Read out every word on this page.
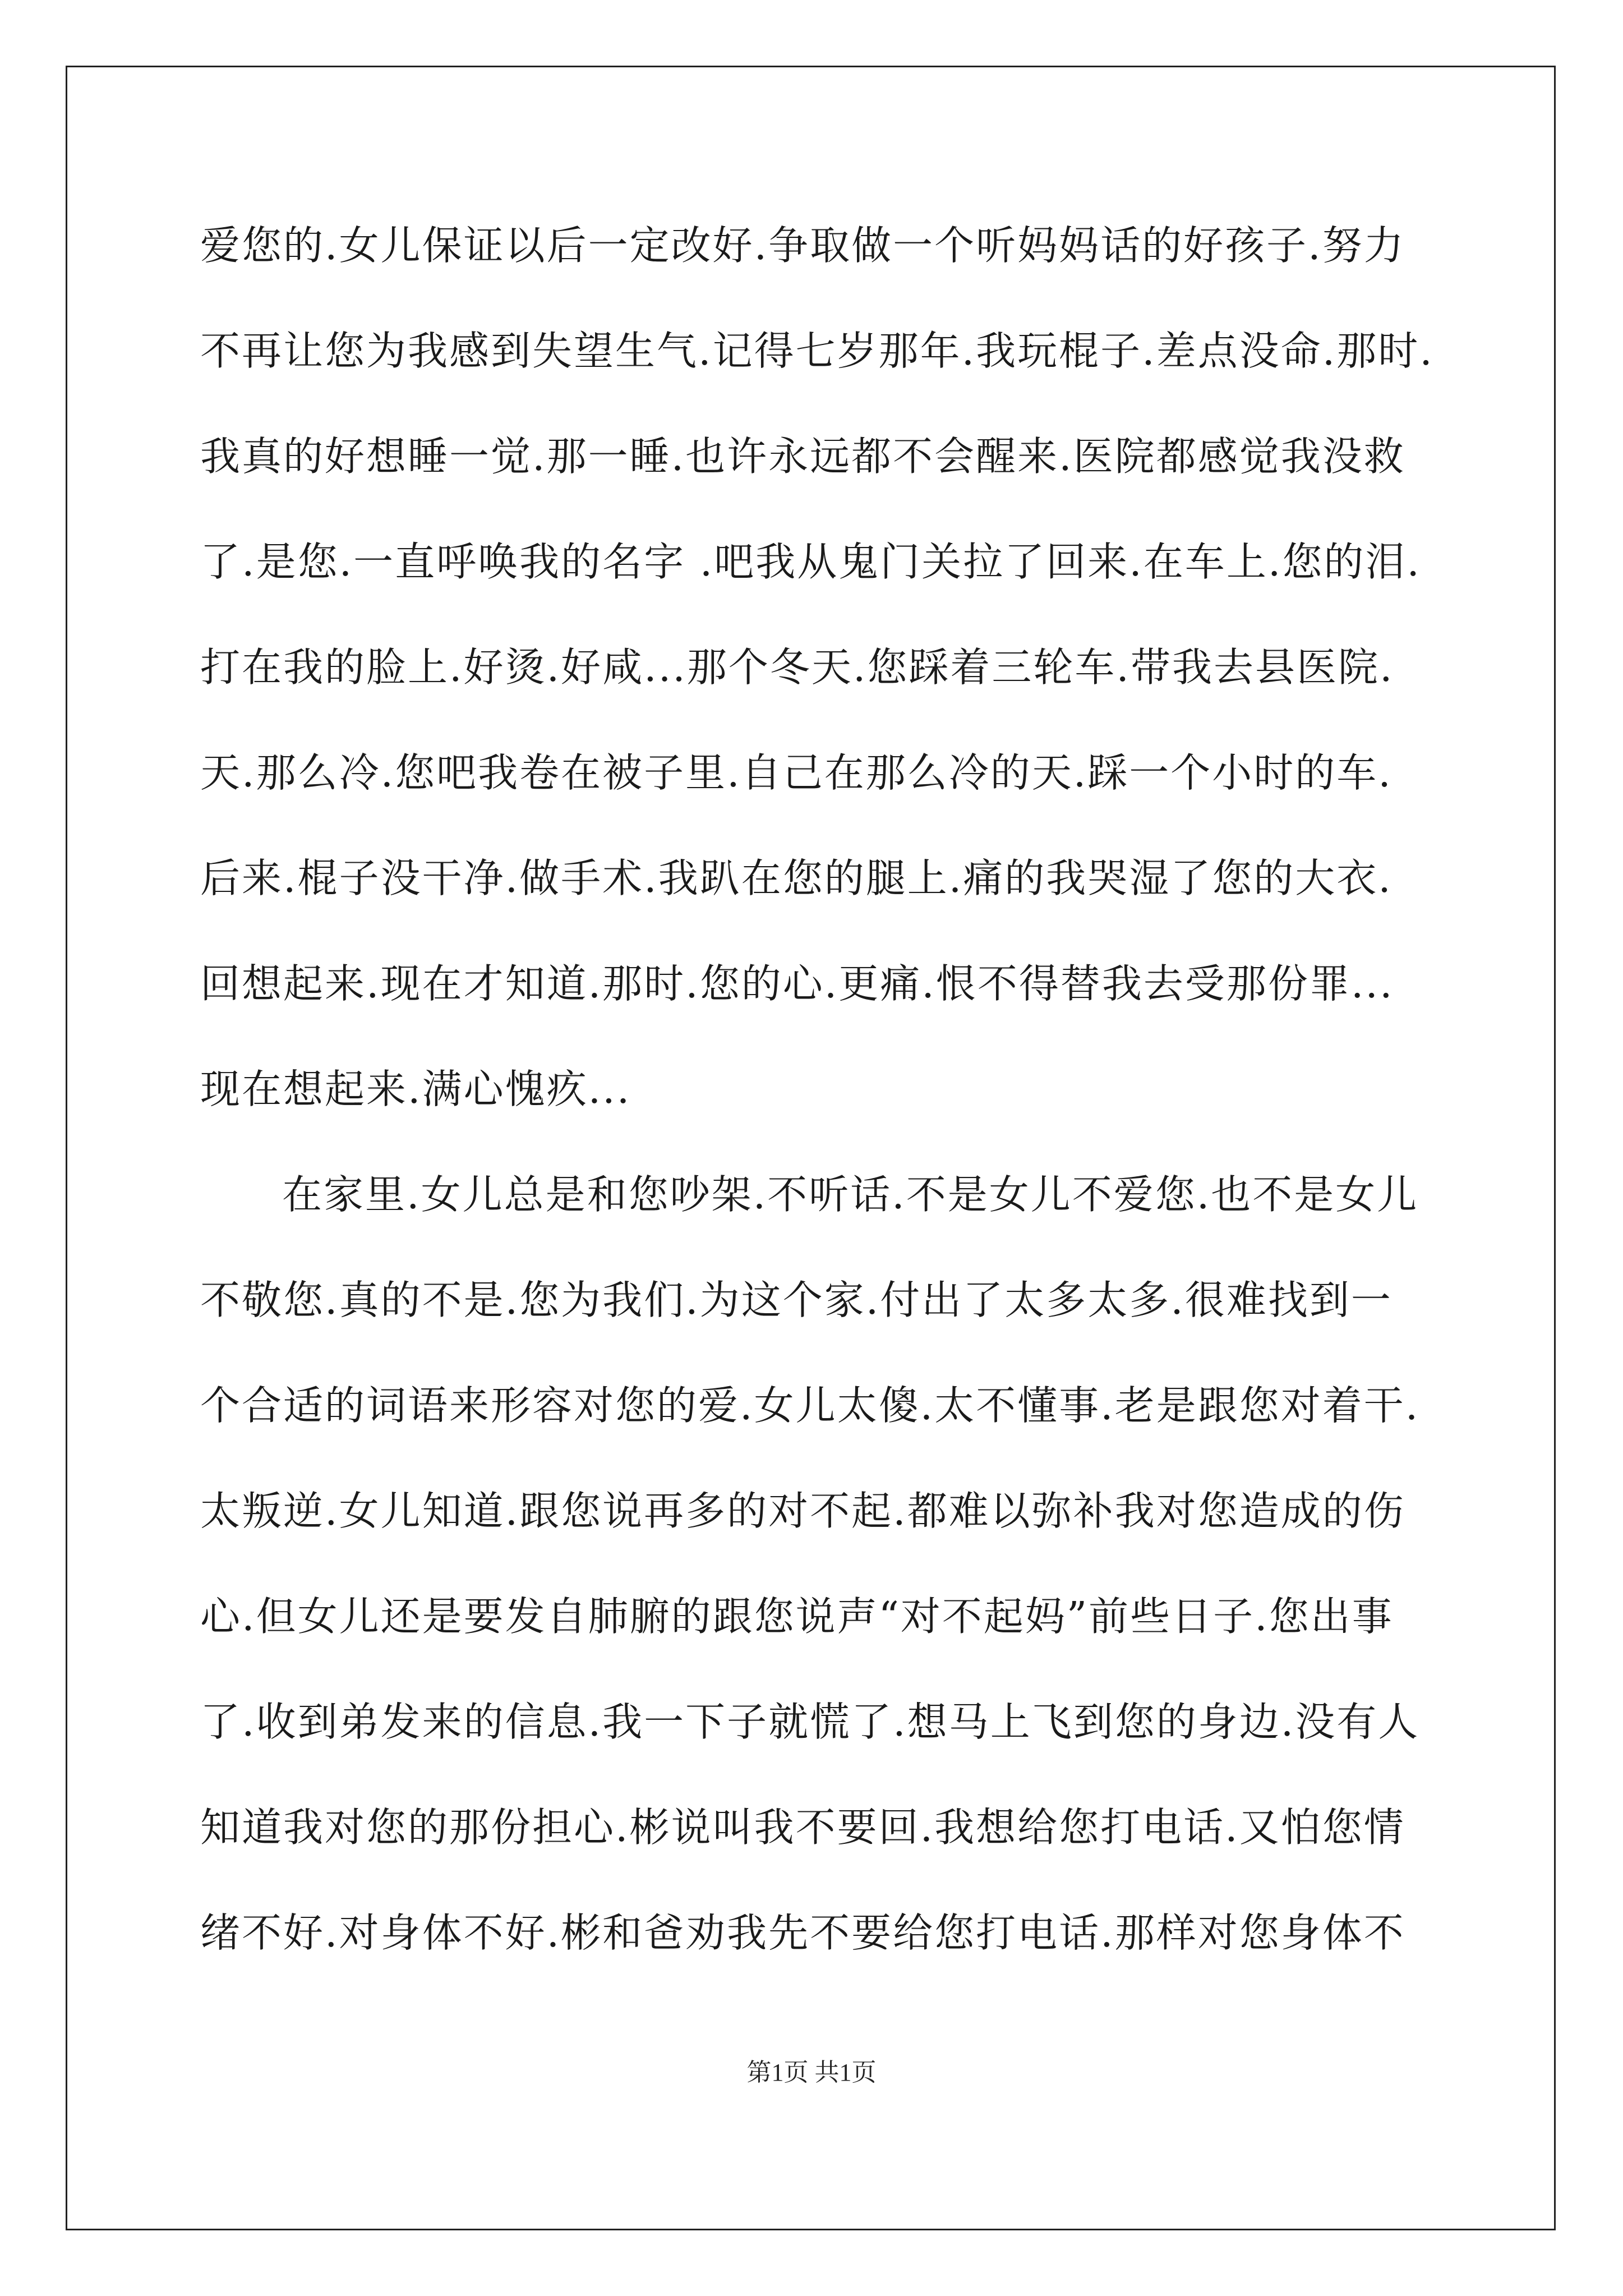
爱您的.女儿保证以后一定改好.争取做一个听妈妈话的好孩子.努力
不再让您为我感到失望生气.记得七岁那年.我玩棍子.差点没命.那时.
我真的好想睡一觉.那一睡.也许永远都不会醒来.医院都感觉我没救
了.是您.一直呼唤我的名字 .吧我从鬼门关拉了回来.在车上.您的泪.
打在我的脸上.好烫.好咸...那个冬天.您踩着三轮车.带我去县医院.
天.那么冷.您吧我卷在被子里.自己在那么冷的天.踩一个小时的车.
后来.棍子没干净.做手术.我趴在您的腿上.痛的我哭湿了您的大衣.
回想起来.现在才知道.那时.您的心.更痛.恨不得替我去受那份罪...
现在想起来.满心愧疚...
在家里.女儿总是和您吵架.不听话.不是女儿不爱您.也不是女儿
不敬您.真的不是.您为我们.为这个家.付出了太多太多.很难找到一
个合适的词语来形容对您的爱.女儿太傻.太不懂事.老是跟您对着干.
太叛逆.女儿知道.跟您说再多的对不起.都难以弥补我对您造成的伤
心.但女儿还是要发自肺腑的跟您说声“对不起妈”前些日子.您出事
了.收到弟发来的信息.我一下子就慌了.想马上飞到您的身边.没有人
知道我对您的那份担心.彬说叫我不要回.我想给您打电话.又怕您情
绪不好.对身体不好.彬和爸劝我先不要给您打电话.那样对您身体不
第1页 共1页
